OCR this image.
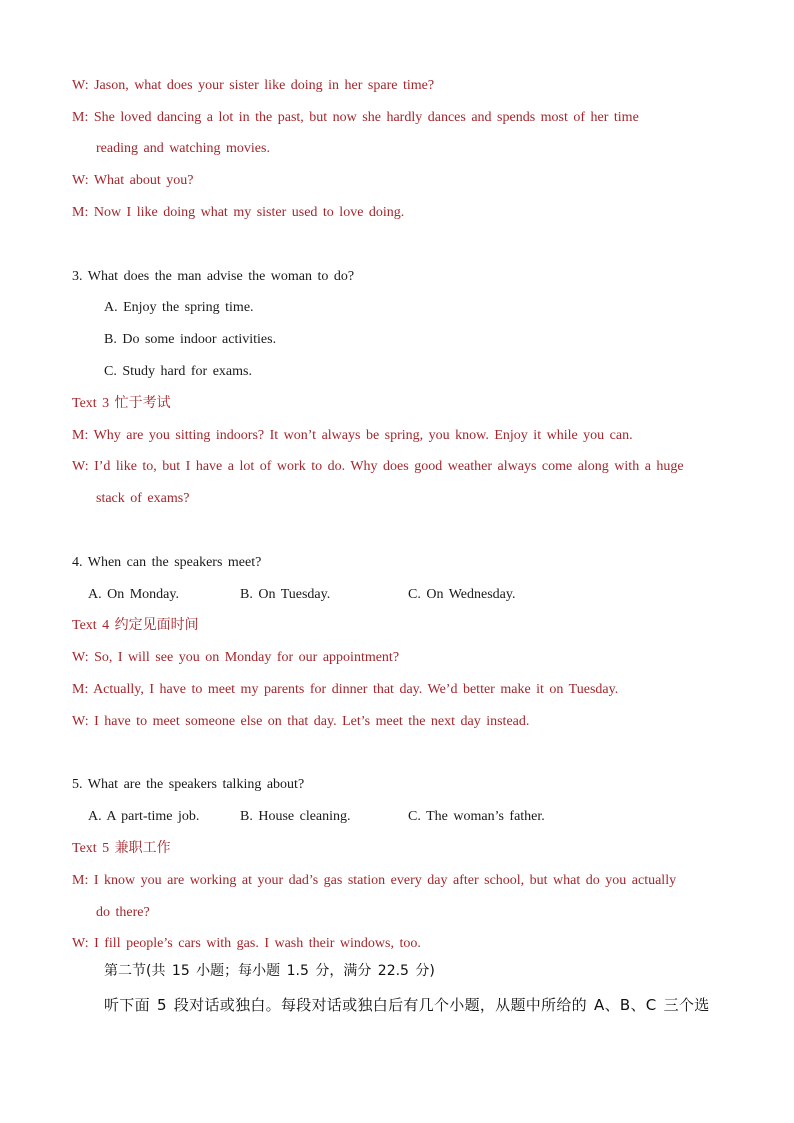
W: Jason, what does your sister like doing in her spare time?
M: She loved dancing a lot in the past, but now she hardly dances and spends most of her time
reading and watching movies.
W: What about you?
M: Now I like doing what my sister used to love doing.
3. What does the man advise the woman to do?
A. Enjoy the spring time.
B. Do some indoor activities.
C. Study hard for exams.
Text 3 忙于考试
M: Why are you sitting indoors? It won’t always be spring, you know. Enjoy it while you can.
W: I’d like to, but I have a lot of work to do. Why does good weather always come along with a huge
stack of exams?
4. When can the speakers meet?
A. On Monday.	B. On Tuesday.	C. On Wednesday.
Text 4 约定见面时间
W: So, I will see you on Monday for our appointment?
M: Actually, I have to meet my parents for dinner that day. We’d better make it on Tuesday.
W: I have to meet someone else on that day. Let’s meet the next day instead.
5. What are the speakers talking about?
A. A part-time job.	B. House cleaning.	C. The woman’s father.
Text 5 兼职工作
M: I know you are working at your dad’s gas station every day after school, but what do you actually
do there?
W: I fill people’s cars with gas. I wash their windows, too.
第二节(共 15 小题；每小题 1.5 分，满分 22.5 分)
听下面 5 段对话或独白。每段对话或独白后有几个小题，从题中所给的 A、B、C 三个选
